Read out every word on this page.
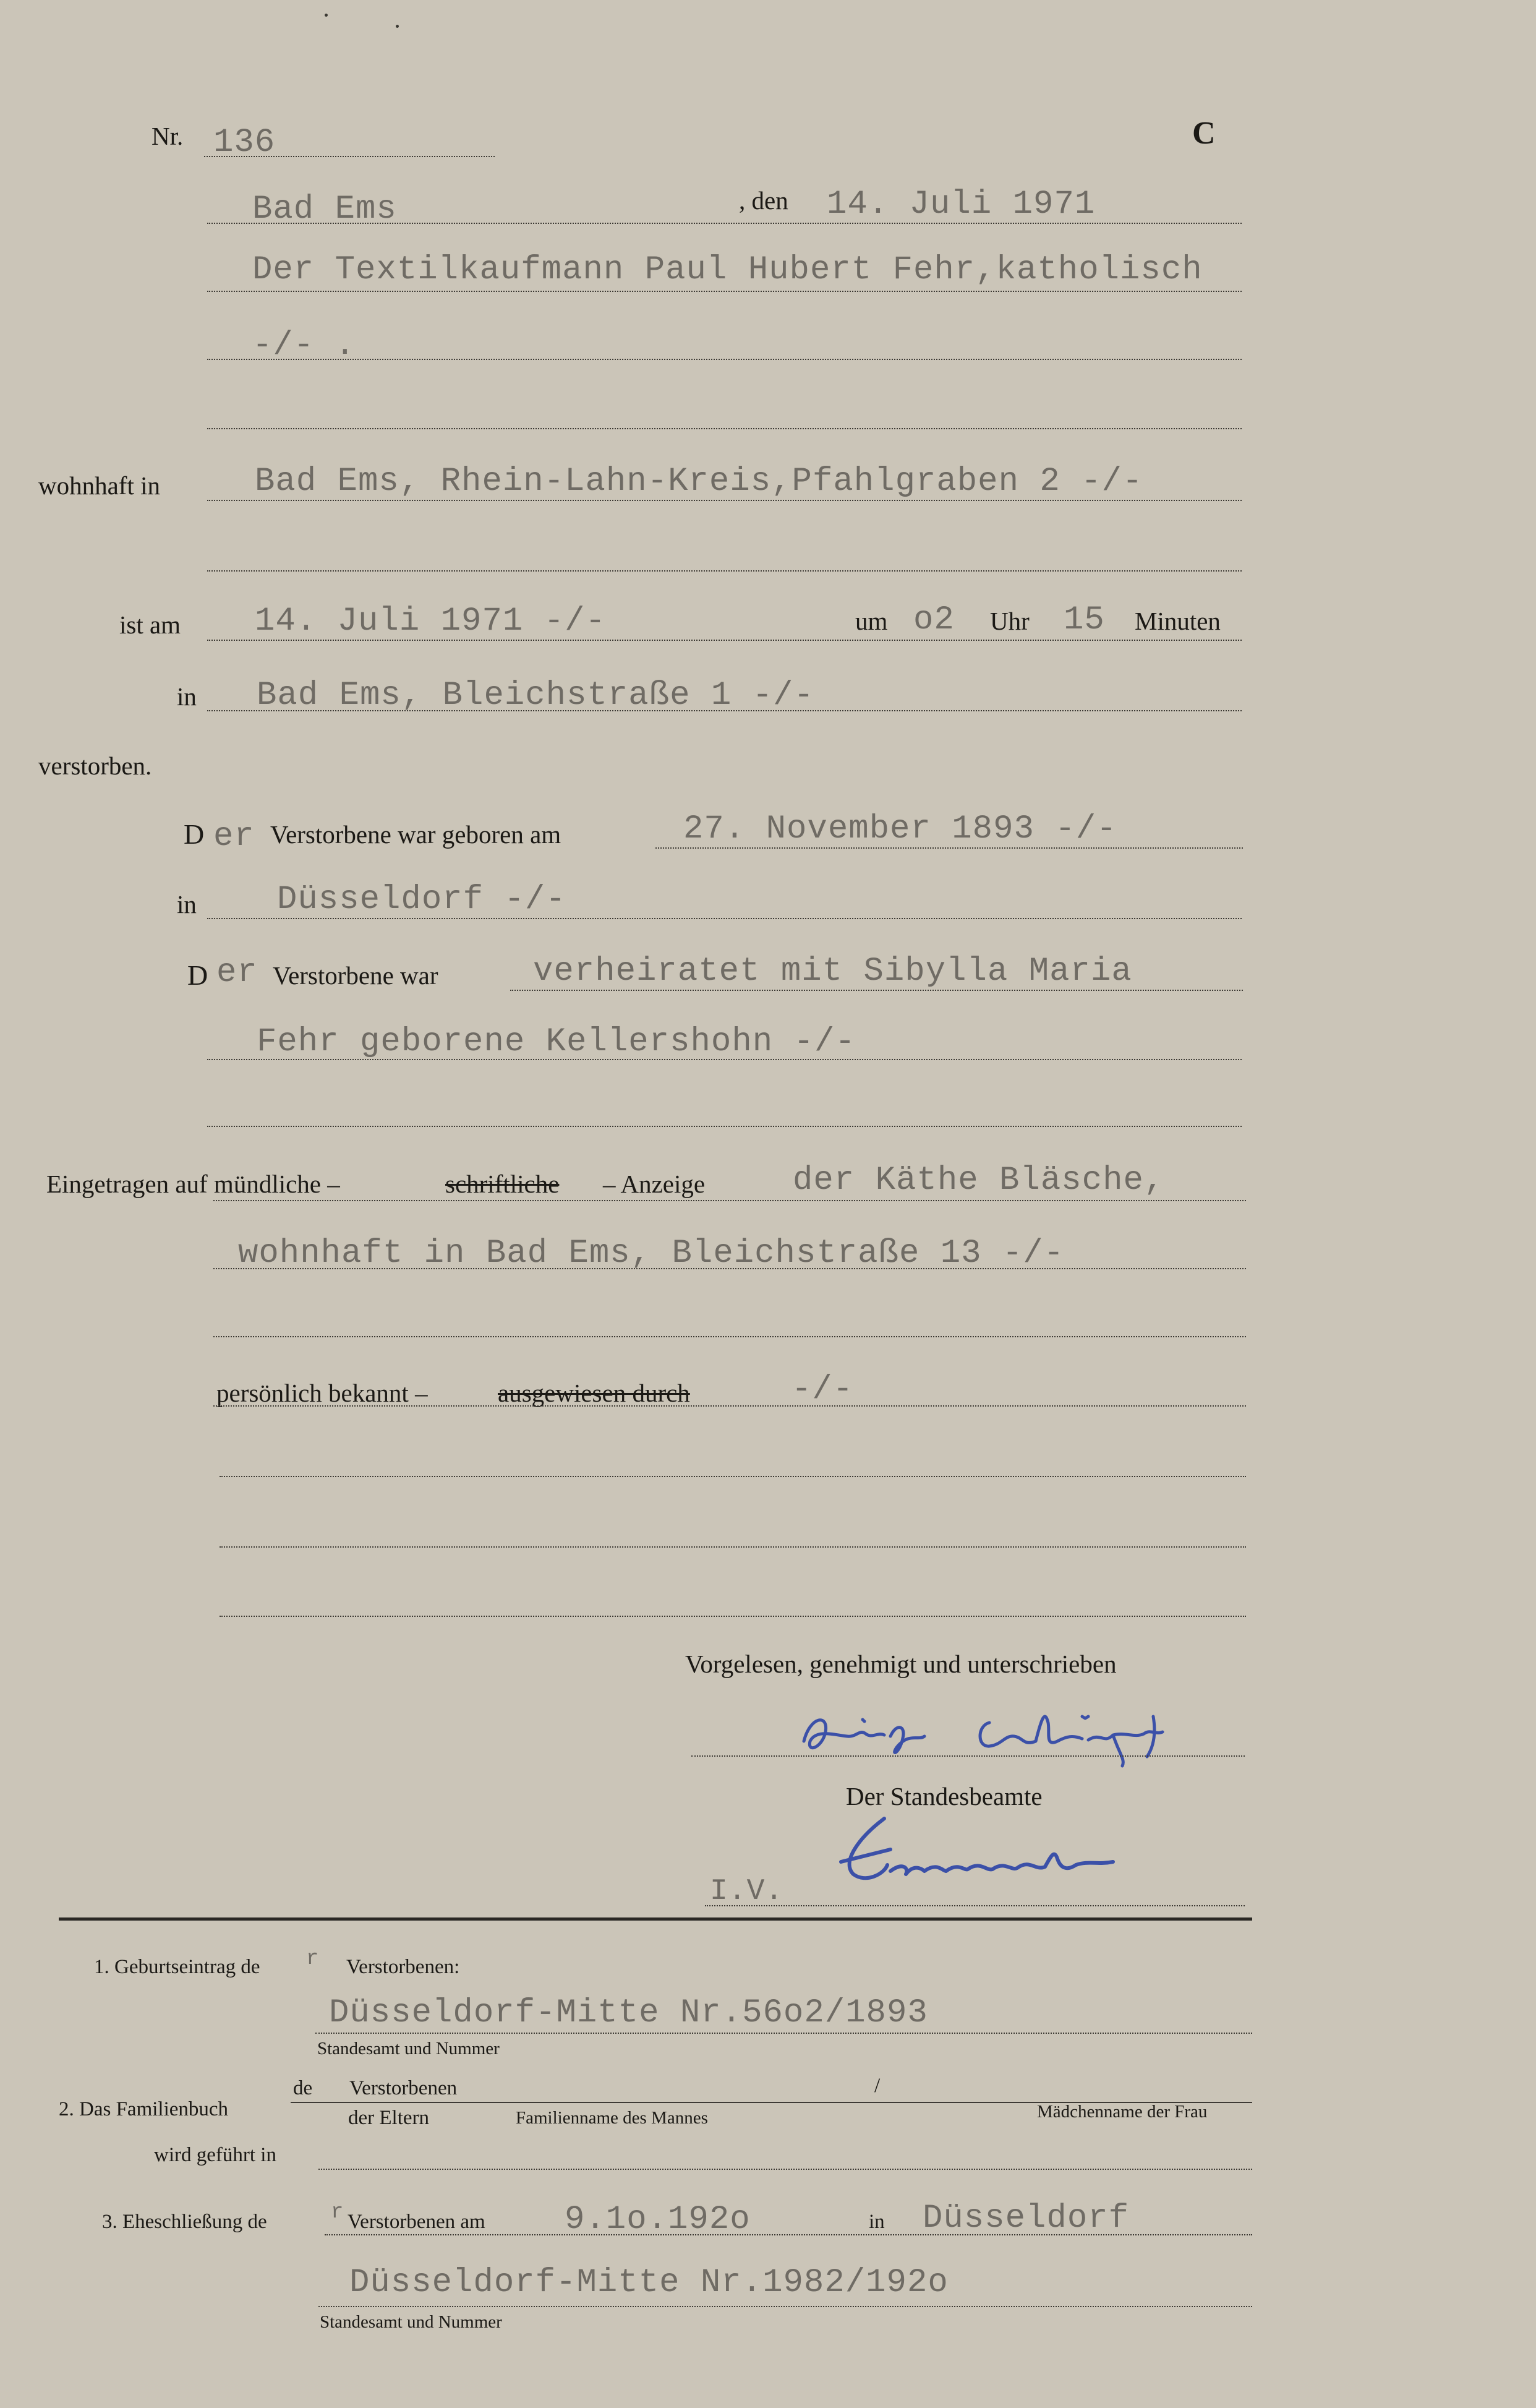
Nr. 136	C
Bad Ems	, den 14. Juli 1971
Der Textilkaufmann Paul Hubert Fehr,katholisch
-/- .
wohnhaft in	Bad Ems, Rhein-Lahn-Kreis,Pfahlgraben 2 -/-
ist am 14. Juli 1971 -/-	um o2 Uhr 15 Minuten
in Bad Ems, Bleichstraße 1 -/-
verstorben.
D er Verstorbene war geboren am	27. November 1893 -/-
in Düsseldorf -/-
D er Verstorbene war	verheiratet mit Sibylla Maria
Fehr geborene Kellershohn -/-
Eingetragen auf mündliche –	schriftliche – Anzeige	der Käthe Bläsche,
wohnhaft in Bad Ems, Bleichstraße 13 -/-
persönlich bekannt –	ausgewiesen durch	-/-
Vorgelesen, genehmigt und unterschrieben
Der Standesbeamte
I.V.
1. Geburtseintrag de r Verstorbenen:
Düsseldorf-Mitte Nr.56o2/1893
Standesamt und Nummer
2. Das Familienbuch
de Verstorbenen	/
der Eltern	Familienname des Mannes	Mädchenname der Frau
wird geführt in
3. Eheschließung de	r Verstorbenen am 9.1o.192o	in Düsseldorf
Düsseldorf-Mitte Nr.1982/192o
Standesamt und Nummer
